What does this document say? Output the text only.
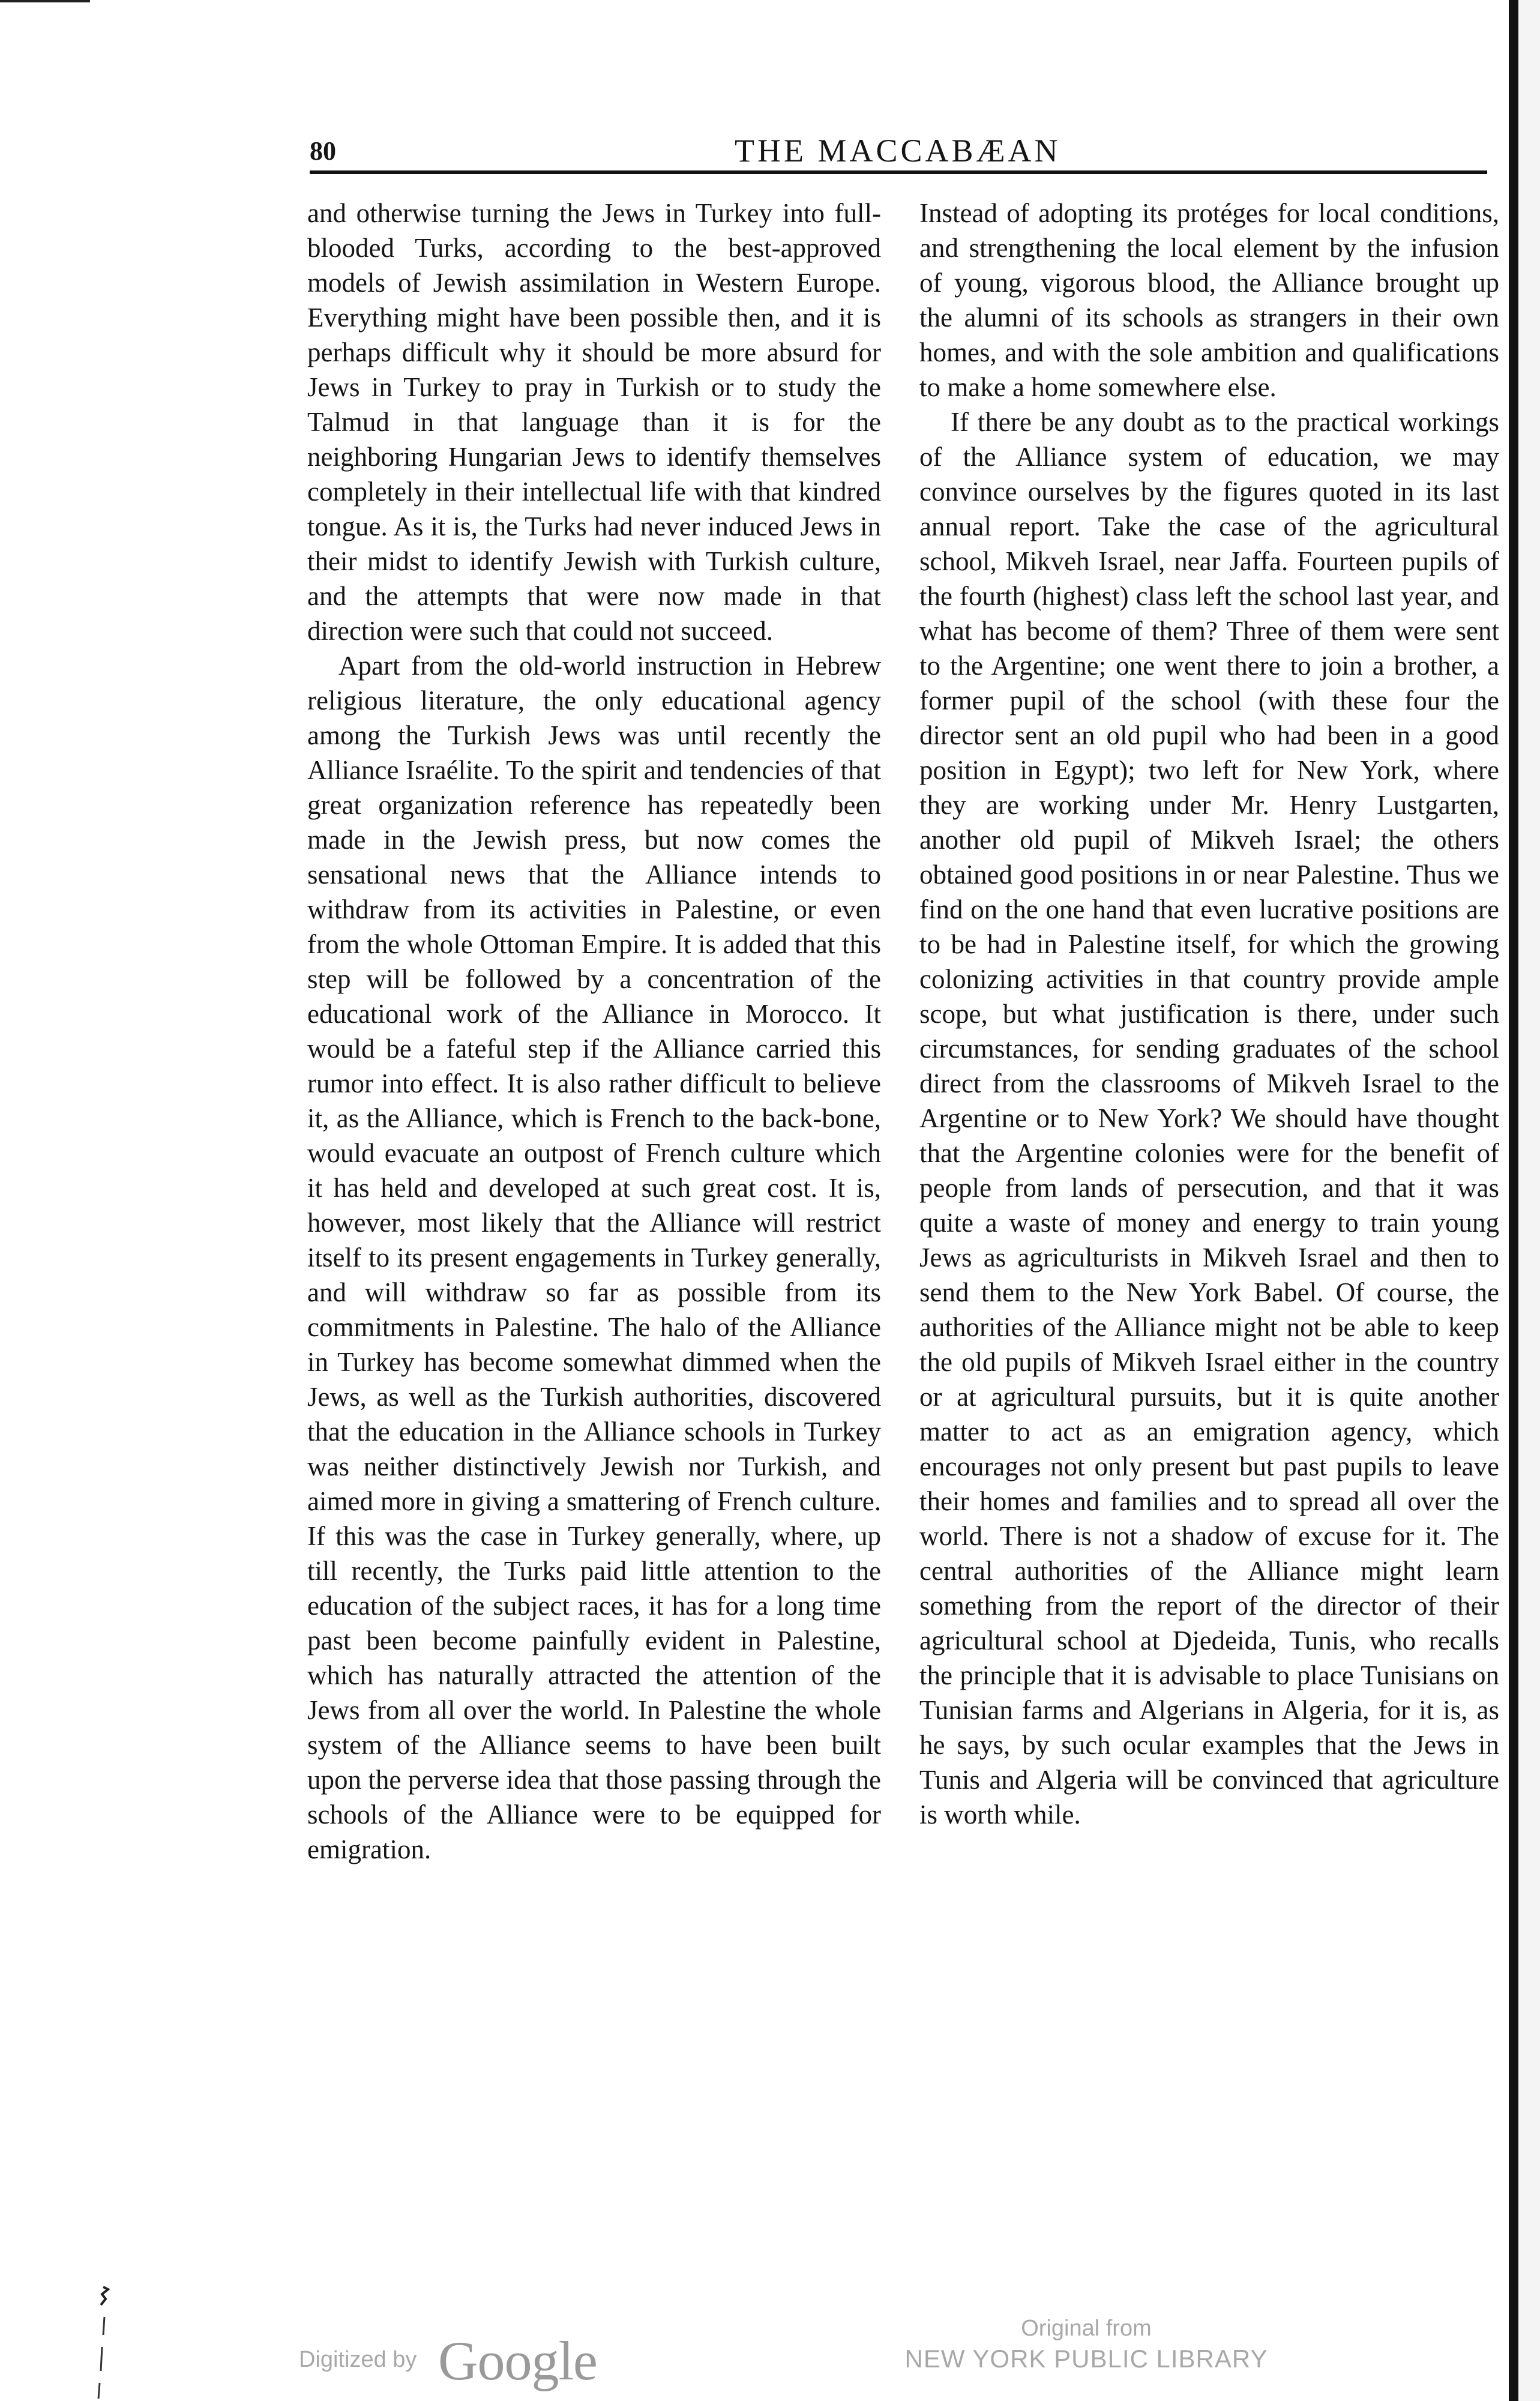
80	THE MACCABÆAN

and otherwise turning the Jews in Turkey into full-blooded Turks, according to the best-approved models of Jewish assimilation in Western Europe. Everything might have been possible then, and it is perhaps difficult why it should be more absurd for Jews in Turkey to pray in Turkish or to study the Talmud in that language than it is for the neighboring Hungarian Jews to identify themselves completely in their intellectual life with that kindred tongue. As it is, the Turks had never induced Jews in their midst to identify Jewish with Turkish culture, and the attempts that were now made in that direction were such that could not succeed.

Apart from the old-world instruction in Hebrew religious literature, the only educational agency among the Turkish Jews was until recently the Alliance Israélite. To the spirit and tendencies of that great organization reference has repeatedly been made in the Jewish press, but now comes the sensational news that the Alliance intends to withdraw from its activities in Palestine, or even from the whole Ottoman Empire. It is added that this step will be followed by a concentration of the educational work of the Alliance in Morocco. It would be a fateful step if the Alliance carried this rumor into effect. It is also rather difficult to believe it, as the Alliance, which is French to the back-bone, would evacuate an outpost of French culture which it has held and developed at such great cost. It is, however, most likely that the Alliance will restrict itself to its present engagements in Turkey generally, and will withdraw so far as possible from its commitments in Palestine. The halo of the Alliance in Turkey has become somewhat dimmed when the Jews, as well as the Turkish authorities, discovered that the education in the Alliance schools in Turkey was neither distinctively Jewish nor Turkish, and aimed more in giving a smattering of French culture. If this was the case in Turkey generally, where, up till recently, the Turks paid little attention to the education of the subject races, it has for a long time past been become painfully evident in Palestine, which has naturally attracted the attention of the Jews from all over the world. In Palestine the whole system of the Alliance seems to have been built upon the perverse idea that those passing through the schools of the Alliance were to be equipped for emigration.

Instead of adopting its protéges for local conditions, and strengthening the local element by the infusion of young, vigorous blood, the Alliance brought up the alumni of its schools as strangers in their own homes, and with the sole ambition and qualifications to make a home somewhere else.

If there be any doubt as to the practical workings of the Alliance system of education, we may convince ourselves by the figures quoted in its last annual report. Take the case of the agricultural school, Mikveh Israel, near Jaffa. Fourteen pupils of the fourth (highest) class left the school last year, and what has become of them? Three of them were sent to the Argentine; one went there to join a brother, a former pupil of the school (with these four the director sent an old pupil who had been in a good position in Egypt); two left for New York, where they are working under Mr. Henry Lustgarten, another old pupil of Mikveh Israel; the others obtained good positions in or near Palestine. Thus we find on the one hand that even lucrative positions are to be had in Palestine itself, for which the growing colonizing activities in that country provide ample scope, but what justification is there, under such circumstances, for sending graduates of the school direct from the classrooms of Mikveh Israel to the Argentine or to New York? We should have thought that the Argentine colonies were for the benefit of people from lands of persecution, and that it was quite a waste of money and energy to train young Jews as agriculturists in Mikveh Israel and then to send them to the New York Babel. Of course, the authorities of the Alliance might not be able to keep the old pupils of Mikveh Israel either in the country or at agricultural pursuits, but it is quite another matter to act as an emigration agency, which encourages not only present but past pupils to leave their homes and families and to spread all over the world. There is not a shadow of excuse for it. The central authorities of the Alliance might learn something from the report of the director of their agricultural school at Djedeida, Tunis, who recalls the principle that it is advisable to place Tunisians on Tunisian farms and Algerians in Algeria, for it is, as he says, by such ocular examples that the Jews in Tunis and Algeria will be convinced that agriculture is worth while.

Digitized by Google
Original from
NEW YORK PUBLIC LIBRARY
